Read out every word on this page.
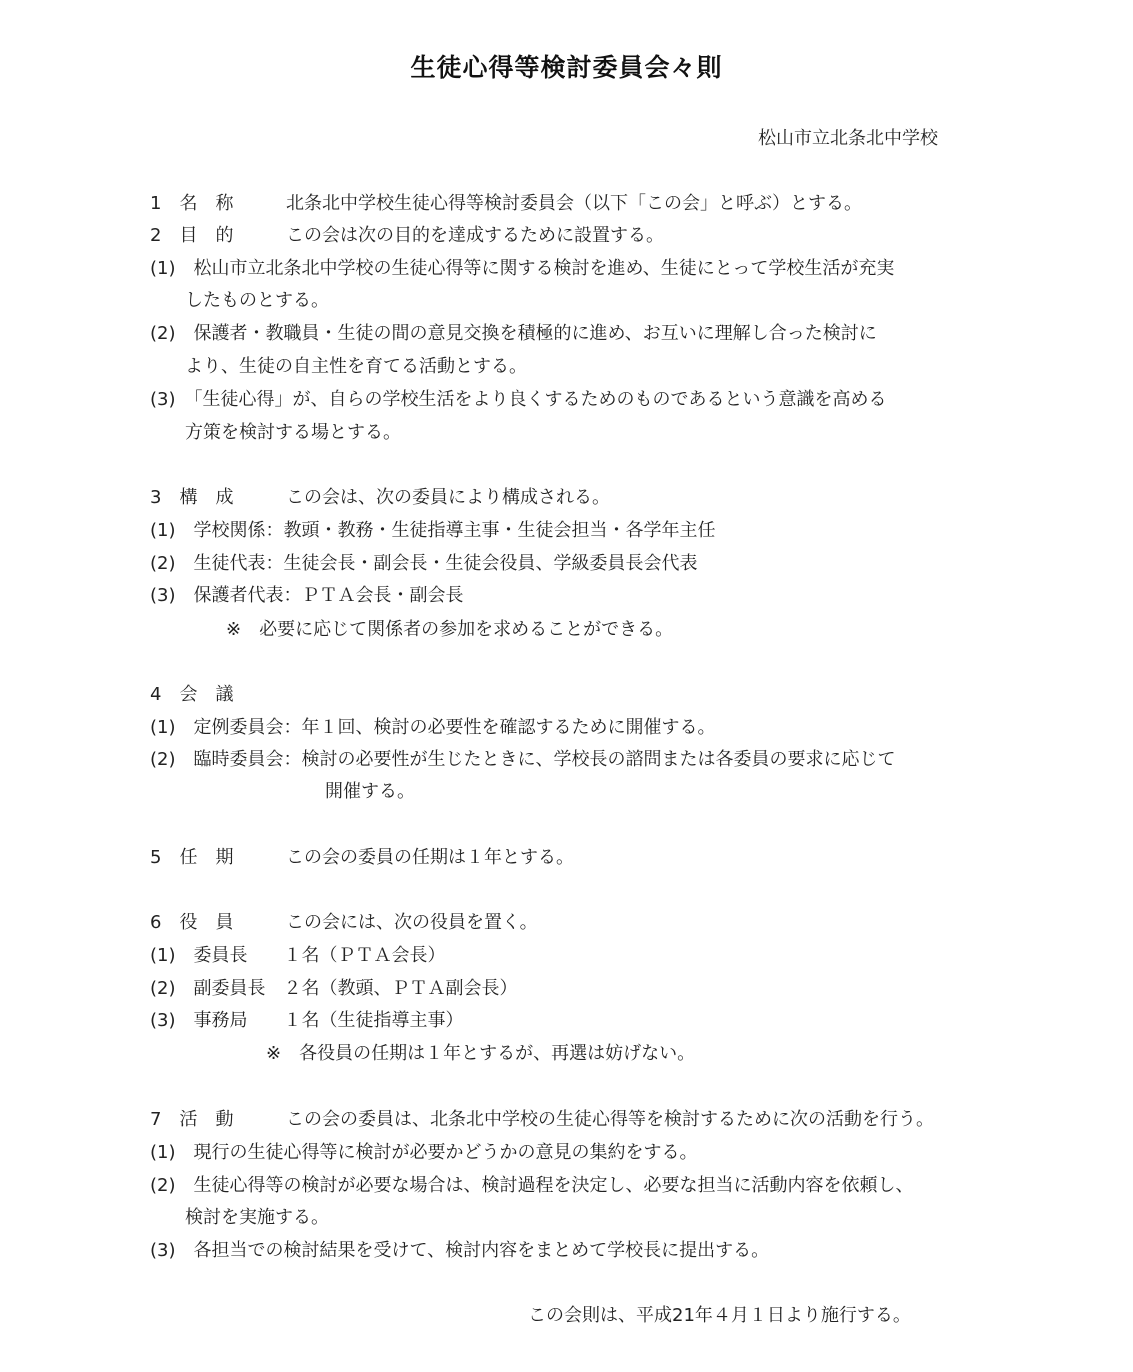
生徒心得等検討委員会々則
松山市立北条北中学校
1　名　称	北条北中学校生徒心得等検討委員会（以下「この会」と呼ぶ）とする。
2　目　的	この会は次の目的を達成するために設置する。
(1)　松山市立北条北中学校の生徒心得等に関する検討を進め、生徒にとって学校生活が充実
したものとする。
(2)　保護者・教職員・生徒の間の意見交換を積極的に進め、お互いに理解し合った検討に
より、生徒の自主性を育てる活動とする。
(3)　「生徒心得」が、自らの学校生活をより良くするためのものであるという意識を高める
方策を検討する場とする。
3　構　成	この会は、次の委員により構成される。
(1)　学校関係：教頭・教務・生徒指導主事・生徒会担当・各学年主任
(2)　生徒代表：生徒会長・副会長・生徒会役員、学級委員長会代表
(3)　保護者代表：ＰＴＡ会長・副会長
※　必要に応じて関係者の参加を求めることができる。
4　会　議
(1)　定例委員会：年１回、検討の必要性を確認するために開催する。
(2)　臨時委員会：検討の必要性が生じたときに、学校長の諮問または各委員の要求に応じて
開催する。
5　任　期	この会の委員の任期は１年とする。
6　役　員	この会には、次の役員を置く。
(1)　委員長　　１名（ＰＴＡ会長）
(2)　副委員長　２名（教頭、ＰＴＡ副会長）
(3)　事務局　　１名（生徒指導主事）
※　各役員の任期は１年とするが、再選は妨げない。
7　活　動	この会の委員は、北条北中学校の生徒心得等を検討するために次の活動を行う。
(1)　現行の生徒心得等に検討が必要かどうかの意見の集約をする。
(2)　生徒心得等の検討が必要な場合は、検討過程を決定し、必要な担当に活動内容を依頼し、
検討を実施する。
(3)　各担当での検討結果を受けて、検討内容をまとめて学校長に提出する。
この会則は、平成21年４月１日より施行する。
